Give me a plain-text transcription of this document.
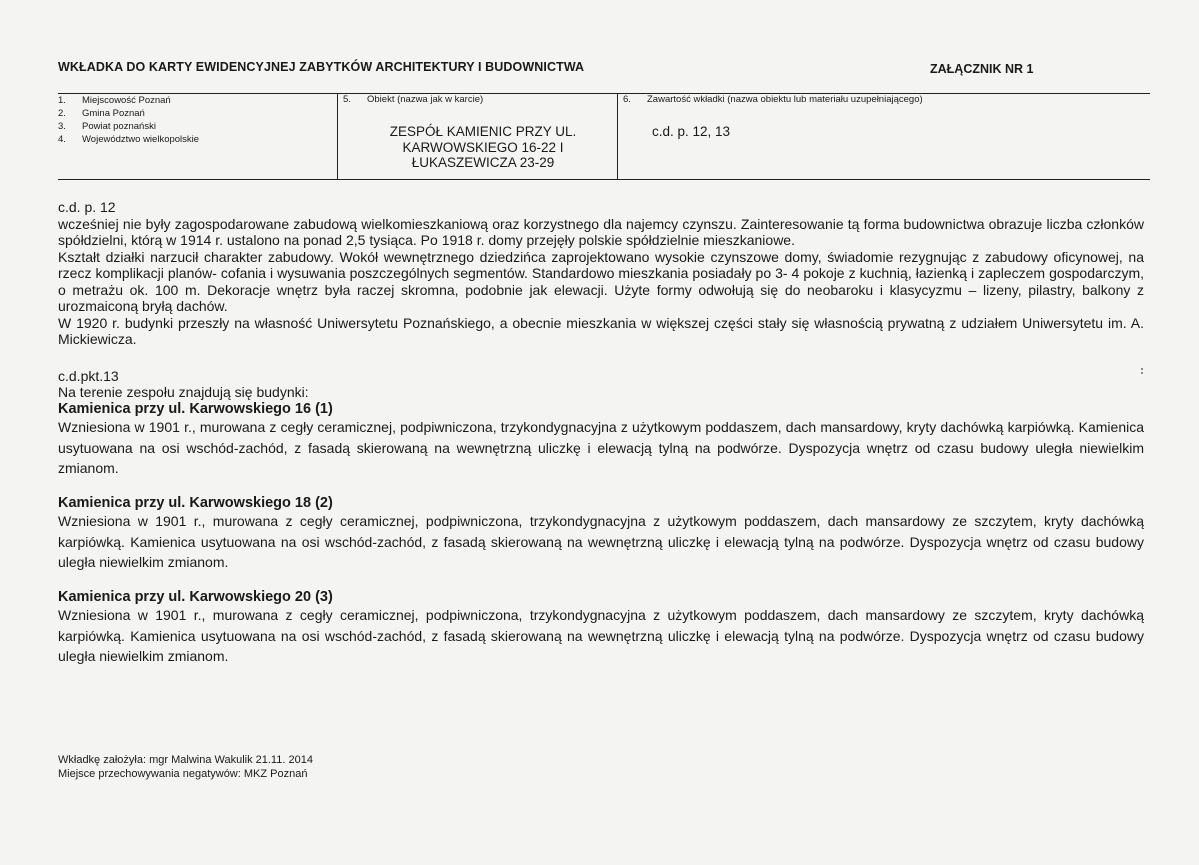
WKŁADKA DO KARTY EWIDENCYJNEJ ZABYTKÓW ARCHITEKTURY I BUDOWNICTWA	ZAŁĄCZNIK NR 1
1.	Miejscowość Poznań
2.	Gmina Poznań
3.	Powiat poznański
4.	Województwo wielkopolskie
5. Obiekt (nazwa jak w karcie)
ZESPÓŁ KAMIENIC PRZY UL.
KARWOWSKIEGO 16-22 I
ŁUKASZEWICZA 23-29
6. Zawartość wkładki (nazwa obiektu lub materiału uzupełniającego)
c.d. p. 12, 13

c.d. p. 12

wcześniej nie były zagospodarowane zabudową wielkomieszkaniową oraz korzystnego dla najemcy czynszu. Zainteresowanie tą forma budownictwa obrazuje liczba członków spółdzielni, którą w 1914 r. ustalono na ponad 2,5 tysiąca. Po 1918 r. domy przejęły polskie spółdzielnie mieszkaniowe.

Kształt działki narzucił charakter zabudowy. Wokół wewnętrznego dziedzińca zaprojektowano wysokie czynszowe domy, świadomie rezygnując z zabudowy oficynowej, na rzecz komplikacji planów- cofania i wysuwania poszczególnych segmentów. Standardowo mieszkania posiadały po 3- 4 pokoje z kuchnią, łazienką i zapleczem gospodarczym, o metrażu ok. 100 m. Dekoracje wnętrz była raczej skromna, podobnie jak elewacji. Użyte formy odwołują się do neobaroku i klasycyzmu – lizeny, pilastry, balkony z urozmaiconą bryłą dachów.

W 1920 r. budynki przeszły na własność Uniwersytetu Poznańskiego, a obecnie mieszkania w większej części stały się własnością prywatną z udziałem Uniwersytetu im. A. Mickiewicza.

c.d.pkt.13

Na terenie zespołu znajdują się budynki:

Kamienica przy ul. Karwowskiego 16 (1)

Wzniesiona w 1901 r., murowana z cegły ceramicznej, podpiwniczona, trzykondygnacyjna z użytkowym poddaszem, dach mansardowy, kryty dachówką karpiówką. Kamienica usytuowana na osi wschód-zachód, z fasadą skierowaną na wewnętrzną uliczkę i elewacją tylną na podwórze. Dyspozycja wnętrz od czasu budowy uległa niewielkim zmianom.

Kamienica przy ul. Karwowskiego 18 (2)

Wzniesiona w 1901 r., murowana z cegły ceramicznej, podpiwniczona, trzykondygnacyjna z użytkowym poddaszem, dach mansardowy ze szczytem, kryty dachówką karpiówką. Kamienica usytuowana na osi wschód-zachód, z fasadą skierowaną na wewnętrzną uliczkę i elewacją tylną na podwórze. Dyspozycja wnętrz od czasu budowy uległa niewielkim zmianom.

Kamienica przy ul. Karwowskiego 20 (3)

Wzniesiona w 1901 r., murowana z cegły ceramicznej, podpiwniczona, trzykondygnacyjna z użytkowym poddaszem, dach mansardowy ze szczytem, kryty dachówką karpiówką. Kamienica usytuowana na osi wschód-zachód, z fasadą skierowaną na wewnętrzną uliczkę i elewacją tylną na podwórze. Dyspozycja wnętrz od czasu budowy uległa niewielkim zmianom.

Wkładkę założyła: mgr Malwina Wakulik 21.11. 2014
Miejsce przechowywania negatywów: MKZ Poznań
